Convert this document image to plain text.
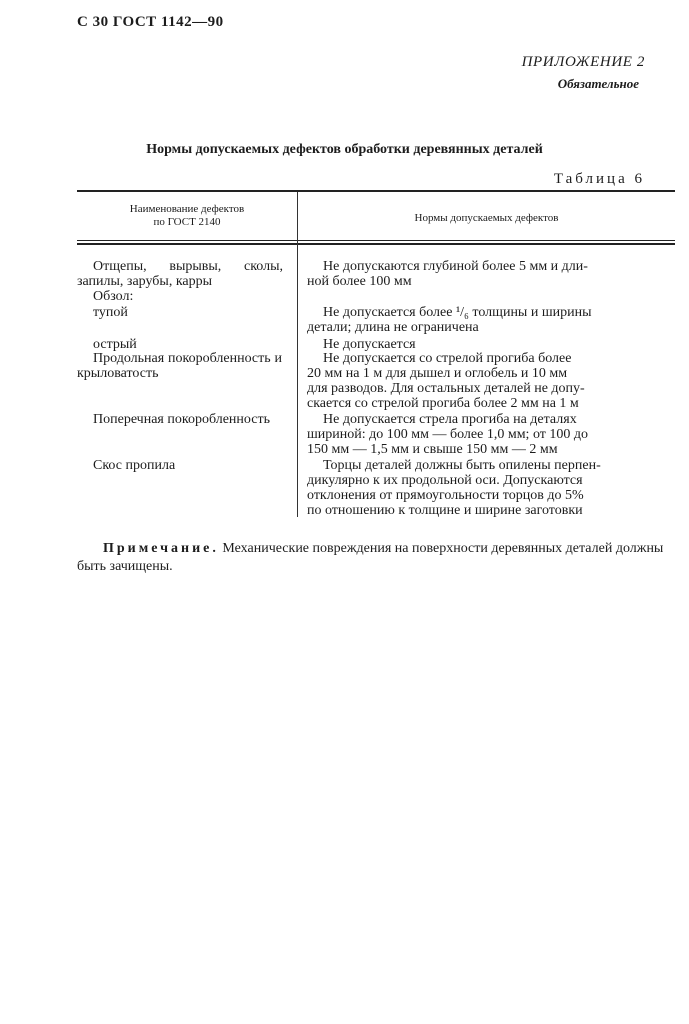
С 30 ГОСТ 1142—90
ПРИЛОЖЕНИЕ 2
Обязательное
Нормы допускаемых дефектов обработки деревянных деталей
Таблица 6
Наименование дефектов
по ГОСТ 2140	Нормы допускаемых дефектов
Отщепы, вырывы, сколы,
запилы, зарубы, карры
Обзол:
тупой
острый
Продольная покоробленность и крыловатость
Поперечная покоробленность
Скос пропила
Не допускаются глубиной более 5 мм и дли-
ной более 100 мм
Не допускается более ¹/₆ толщины и ширины
детали; длина не ограничена
Не допускается
Не допускается со стрелой прогиба более
20 мм на 1 м для дышел и оглобель и 10 мм
для разводов. Для остальных деталей не допу-
скается со стрелой прогиба более 2 мм на 1 м
Не допускается стрела прогиба на деталях
шириной: до 100 мм — более 1,0 мм; от 100 до
150 мм — 1,5 мм и свыше 150 мм — 2 мм
Торцы деталей должны быть опилены перпен-
дикулярно к их продольной оси. Допускаются
отклонения от прямоугольности торцов до 5%
по отношению к толщине и ширине заготовки
Примечание. Механические повреждения на поверхности деревянных деталей должны быть зачищены.
